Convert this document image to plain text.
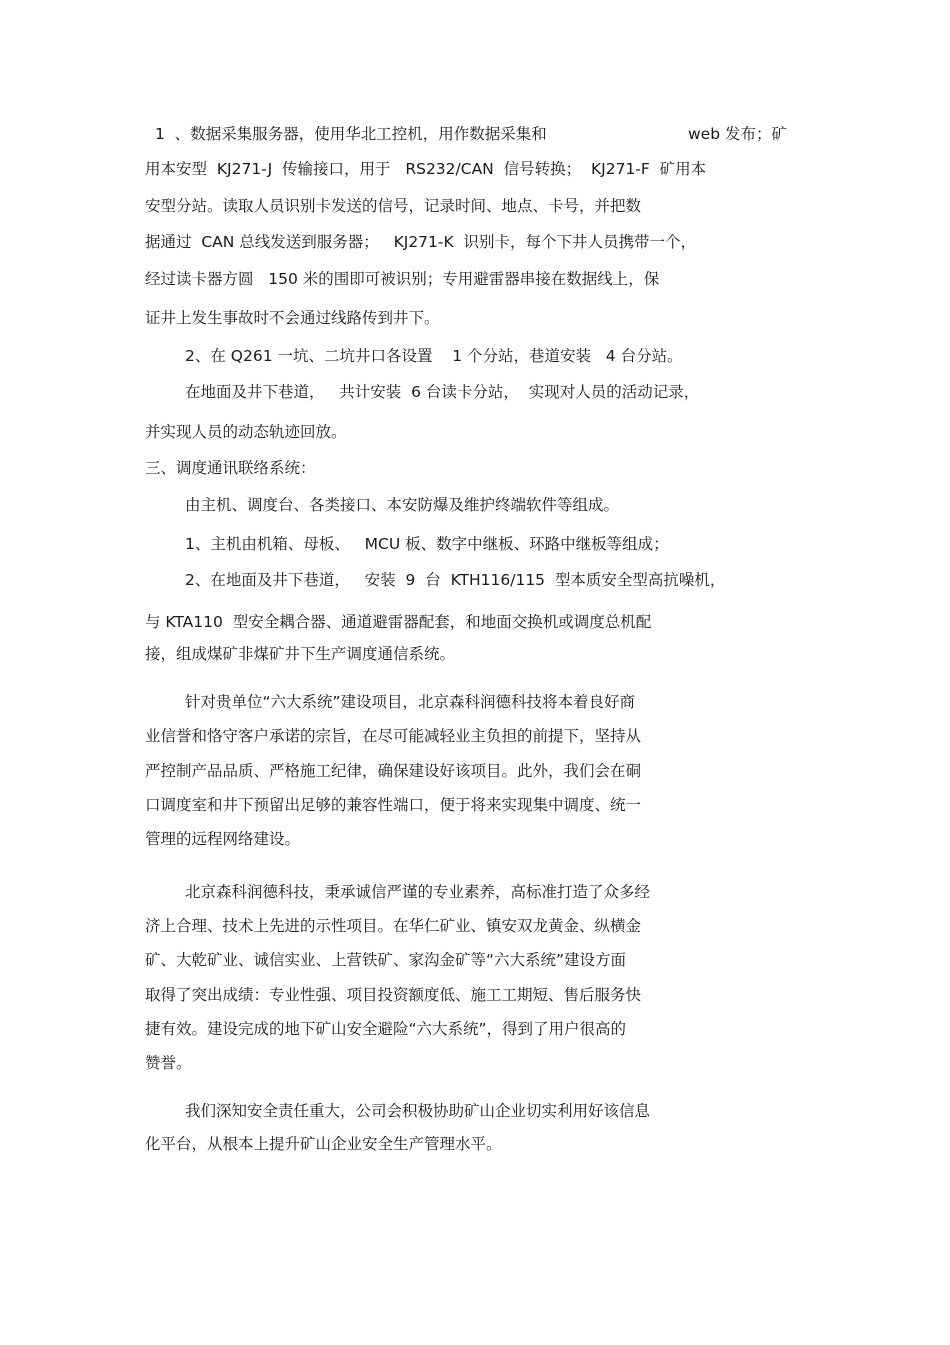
1  、数据采集服务器，使用华北工控机，用作数据采集和	web 发布；矿
用本安型  KJ271-J  传输接口，用于   RS232/CAN  信号转换；  KJ271-F  矿用本
安型分站。读取人员识别卡发送的信号，记录时间、地点、卡号，并把数
据通过  CAN 总线发送到服务器；   KJ271-K  识别卡，每个下井人员携带一个，
经过读卡器方圆   150 米的围即可被识别；专用避雷器串接在数据线上，保
证井上发生事故时不会通过线路传到井下。
2、在 Q261 一坑、二坑井口各设置    1 个分站，巷道安装   4 台分站。
在地面及井下巷道，   共计安装  6 台读卡分站，  实现对人员的活动记录，
并实现人员的动态轨迹回放。
三、调度通讯联络系统：
由主机、调度台、各类接口、本安防爆及维护终端软件等组成。
1、主机由机箱、母板、   MCU 板、数字中继板、环路中继板等组成；
2、在地面及井下巷道，   安装  9  台  KTH116/115  型本质安全型高抗噪机，
与 KTA110  型安全耦合器、通道避雷器配套，和地面交换机或调度总机配
接，组成煤矿非煤矿井下生产调度通信系统。
针对贵单位“六大系统”建设项目，北京森科润德科技将本着良好商
业信誉和恪守客户承诺的宗旨，在尽可能减轻业主负担的前提下，坚持从
严控制产品品质、严格施工纪律，确保建设好该项目。此外，我们会在硐
口调度室和井下预留出足够的兼容性端口，便于将来实现集中调度、统一
管理的远程网络建设。
北京森科润德科技，秉承诚信严谨的专业素养，高标准打造了众多经
济上合理、技术上先进的示性项目。在华仁矿业、镇安双龙黄金、纵横金
矿、大乾矿业、诚信实业、上营铁矿、家沟金矿等“六大系统”建设方面
取得了突出成绩：专业性强、项目投资额度低、施工工期短、售后服务快
捷有效。建设完成的地下矿山安全避险“六大系统”，得到了用户很高的
赞誉。
我们深知安全责任重大，公司会积极协助矿山企业切实利用好该信息
化平台，从根本上提升矿山企业安全生产管理水平。
